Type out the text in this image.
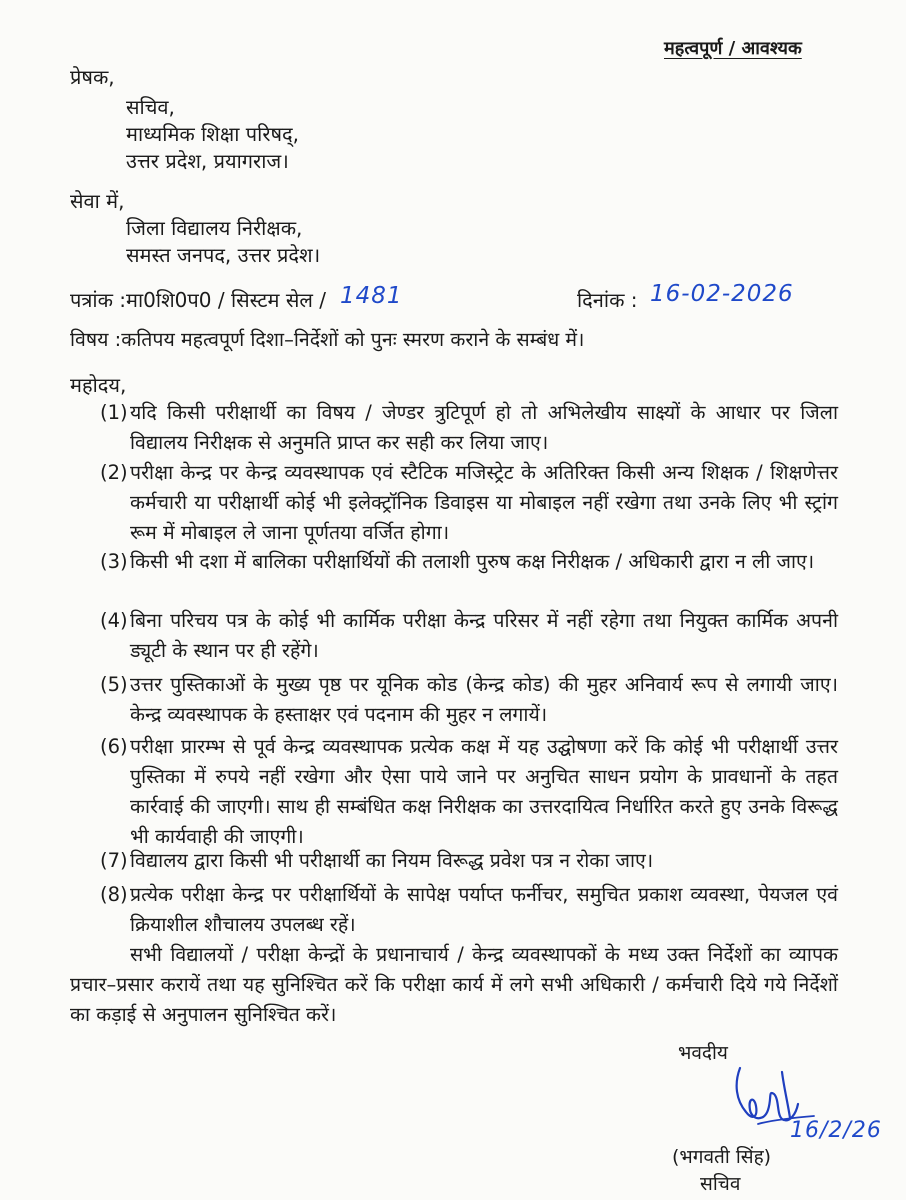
महत्वपूर्ण / आवश्यक
प्रेषक,
सचिव,
माध्यमिक शिक्षा परिषद्,
उत्तर प्रदेश, प्रयागराज।
सेवा में,
जिला विद्यालय निरीक्षक,
समस्त जनपद, उत्तर प्रदेश।
पत्रांक :मा0शि0प0 / सिस्टम सेल / 1481	दिनांक : 16-02-2026
विषय :कतिपय महत्वपूर्ण दिशा–निर्देशों को पुनः स्मरण कराने के सम्बंध में।
महोदय,
(1) यदि किसी परीक्षार्थी का विषय / जेण्डर त्रुटिपूर्ण हो तो अभिलेखीय साक्ष्यों के आधार पर जिला विद्यालय निरीक्षक से अनुमति प्राप्त कर सही कर लिया जाए।
(2) परीक्षा केन्द्र पर केन्द्र व्यवस्थापक एवं स्टैटिक मजिस्ट्रेट के अतिरिक्त किसी अन्य शिक्षक / शिक्षणेत्तर कर्मचारी या परीक्षार्थी कोई भी इलेक्ट्रॉनिक डिवाइस या मोबाइल नहीं रखेगा तथा उनके लिए भी स्ट्रांग रूम में मोबाइल ले जाना पूर्णतया वर्जित होगा।
(3) किसी भी दशा में बालिका परीक्षार्थियों की तलाशी पुरुष कक्ष निरीक्षक / अधिकारी द्वारा न ली जाए।
(4) बिना परिचय पत्र के कोई भी कार्मिक परीक्षा केन्द्र परिसर में नहीं रहेगा तथा नियुक्त कार्मिक अपनी ड्यूटी के स्थान पर ही रहेंगे।
(5) उत्तर पुस्तिकाओं के मुख्य पृष्ठ पर यूनिक कोड (केन्द्र कोड) की मुहर अनिवार्य रूप से लगायी जाए। केन्द्र व्यवस्थापक के हस्ताक्षर एवं पदनाम की मुहर न लगायें।
(6) परीक्षा प्रारम्भ से पूर्व केन्द्र व्यवस्थापक प्रत्येक कक्ष में यह उद्घोषणा करें कि कोई भी परीक्षार्थी उत्तर पुस्तिका में रुपये नहीं रखेगा और ऐसा पाये जाने पर अनुचित साधन प्रयोग के प्रावधानों के तहत कार्रवाई की जाएगी। साथ ही सम्बंधित कक्ष निरीक्षक का उत्तरदायित्व निर्धारित करते हुए उनके विरूद्ध भी कार्यवाही की जाएगी।
(7) विद्यालय द्वारा किसी भी परीक्षार्थी का नियम विरूद्ध प्रवेश पत्र न रोका जाए।
(8) प्रत्येक परीक्षा केन्द्र पर परीक्षार्थियों के सापेक्ष पर्याप्त फर्नीचर, समुचित प्रकाश व्यवस्था, पेयजल एवं क्रियाशील शौचालय उपलब्ध रहें।
सभी विद्यालयों / परीक्षा केन्द्रों के प्रधानाचार्य / केन्द्र व्यवस्थापकों के मध्य उक्त निर्देशों का व्यापक प्रचार–प्रसार करायें तथा यह सुनिश्चित करें कि परीक्षा कार्य में लगे सभी अधिकारी / कर्मचारी दिये गये निर्देशों का कड़ाई से अनुपालन सुनिश्चित करें।
भवदीय
16/2/26
(भगवती सिंह)
सचिव
